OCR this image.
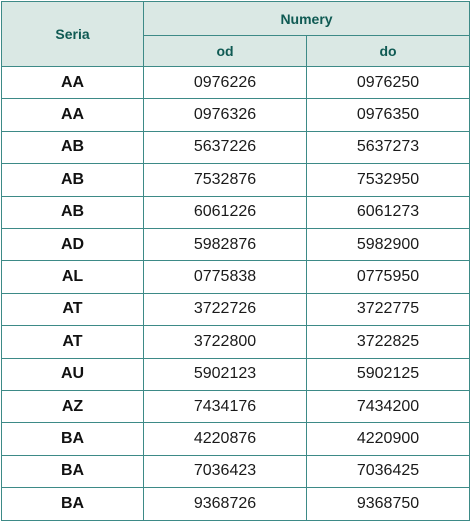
Seria	Numery	
	od	do
AA	0976226	0976250
AA	0976326	0976350
AB	5637226	5637273
AB	7532876	7532950
AB	6061226	6061273
AD	5982876	5982900
AL	0775838	0775950
AT	3722726	3722775
AT	3722800	3722825
AU	5902123	5902125
AZ	7434176	7434200
BA	4220876	4220900
BA	7036423	7036425
BA	9368726	9368750
